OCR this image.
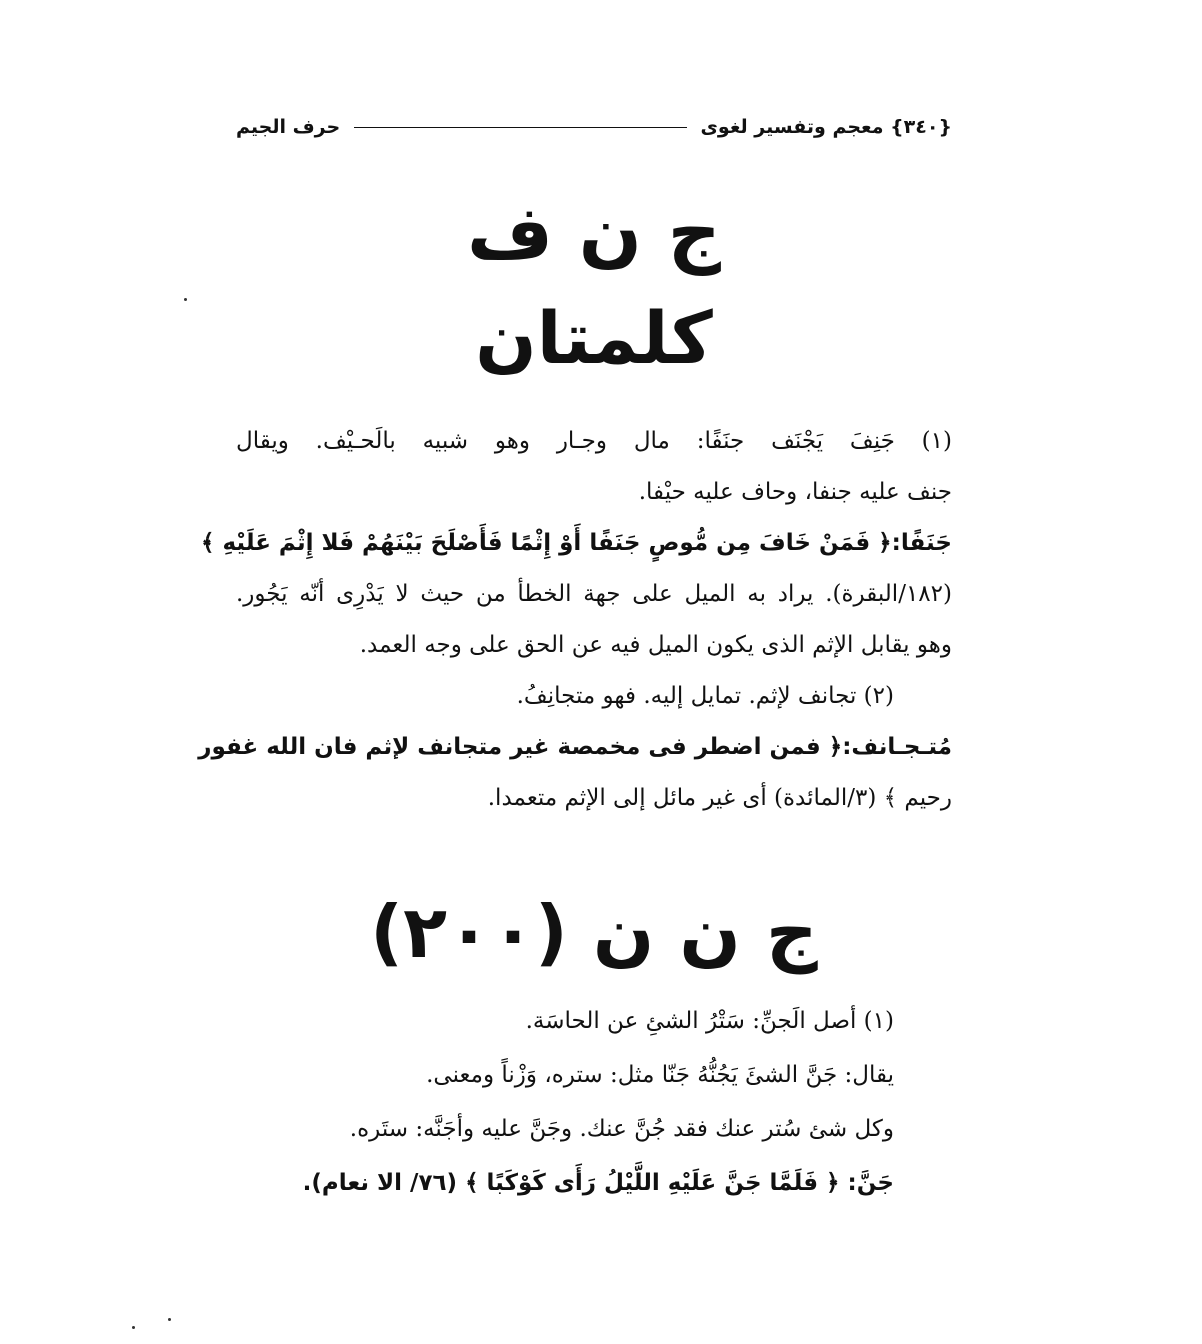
{٣٤٠} معجم وتفسير لغوى
حرف الجيم
ج ن ف
كلمتان
(١) جَنِفَ يَجْنَف جنَفًا: مال وجـار وهو شبيه بالَحـيْف. ويقال
جنف عليه جنفا، وحاف عليه حيْفا.
جَنَفًا:﴿ فَمَنْ خَافَ مِن مُّوصٍ جَنَفًا أَوْ إِثْمًا فَأَصْلَحَ بَيْنَهُمْ فَلا إِثْمَ عَلَيْهِ ﴾
(١٨٢/البقرة). يراد به الميل على جهة الخطأ من حيث لا يَدْرِى أنّه يَجُور.
وهو يقابل الإثم الذى يكون الميل فيه عن الحق على وجه العمد.
(٢) تجانف لإثم. تمايل إليه. فهو متجانِفُ.
مُتـجـانف:﴿ فمن اضطر فى مخمصة غير متجانف لإثم فان الله غفور
رحيم ﴾ (٣/المائدة) أى غير مائل إلى الإثم متعمدا.
ج ن ن (٢٠٠)
(١) أصل الَجنِّ: سَتْرُ الشئِ عن الحاسَة.
يقال: جَنَّ الشئَ يَجُنُّهُ جَنّا مثل: ستره، وَزْناً ومعنى.
وكل شئ سُتر عنك فقد جُنَّ عنك. وجَنَّ عليه وأجَنَّه: ستَره.
جَنَّ: ﴿ فَلَمَّا جَنَّ عَلَيْهِ اللَّيْلُ رَأَى كَوْكَبًا ﴾ (٧٦/ الا نعام).
